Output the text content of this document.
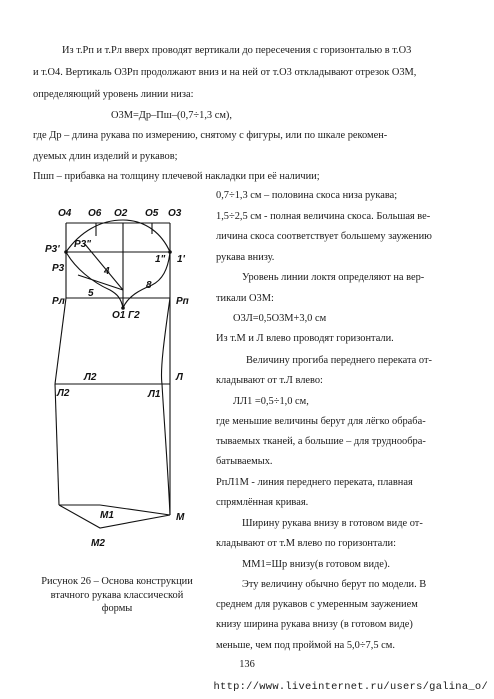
Из т.Рп и т.Рл вверх проводят вертикали до пересечения с горизонталью в т.О3
и т.О4. Вертикаль О3Рп продолжают вниз и на ней от т.О3 откладывают отрезок О3М,
определяющий уровень линии низа:
О3М=Др–Пш–(0,7÷1,3 см),
где Др – длина рукава по измерению, снятому с фигуры, или по шкале рекомен-
дуемых длин изделий и рукавов;
Пшп – прибавка на толщину плечевой накладки при её наличии;
0,7÷1,3 см – половина скоса низа рукава;
1,5÷2,5 см - полная величина скоса. Большая ве-
личина скоса соответствует большему заужению
рукава внизу.
Уровень линии локтя определяют на вер-
тикали О3М:
О3Л=0,5О3М+3,0 см
Из т.М и Л влево проводят горизонтали.
Величину прогиба переднего переката от-
кладывают от т.Л влево:
ЛЛ1 =0,5÷1,0 см,
где меньшие величины берут для лёгко обраба-
тываемых тканей, а большие – для труднообра-
батываемых.
РпЛ1М - линия переднего переката, плавная
спрямлённая кривая.
Ширину рукава внизу в готовом виде от-
кладывают от т.М влево по горизонтали:
ММ1=Шр внизу(в готовом виде).
Эту величину обычно берут по модели. В
среднем для рукавов с умеренным заужением
книзу ширина рукава внизу (в готовом виде)
меньше, чем под проймой на 5,0÷7,5 см.
О4 О6 О2 О5 О3
Р3' Р3"
Р3
1" 1'
4
8
5
Рл	Рп
О1 Г2
Л2
Л2	Л
Л1
М1	М
М2
Рисунок 26 – Основа конструкции
втачного рукава классической
формы
136
http://www.liveinternet.ru/users/galina_o/
